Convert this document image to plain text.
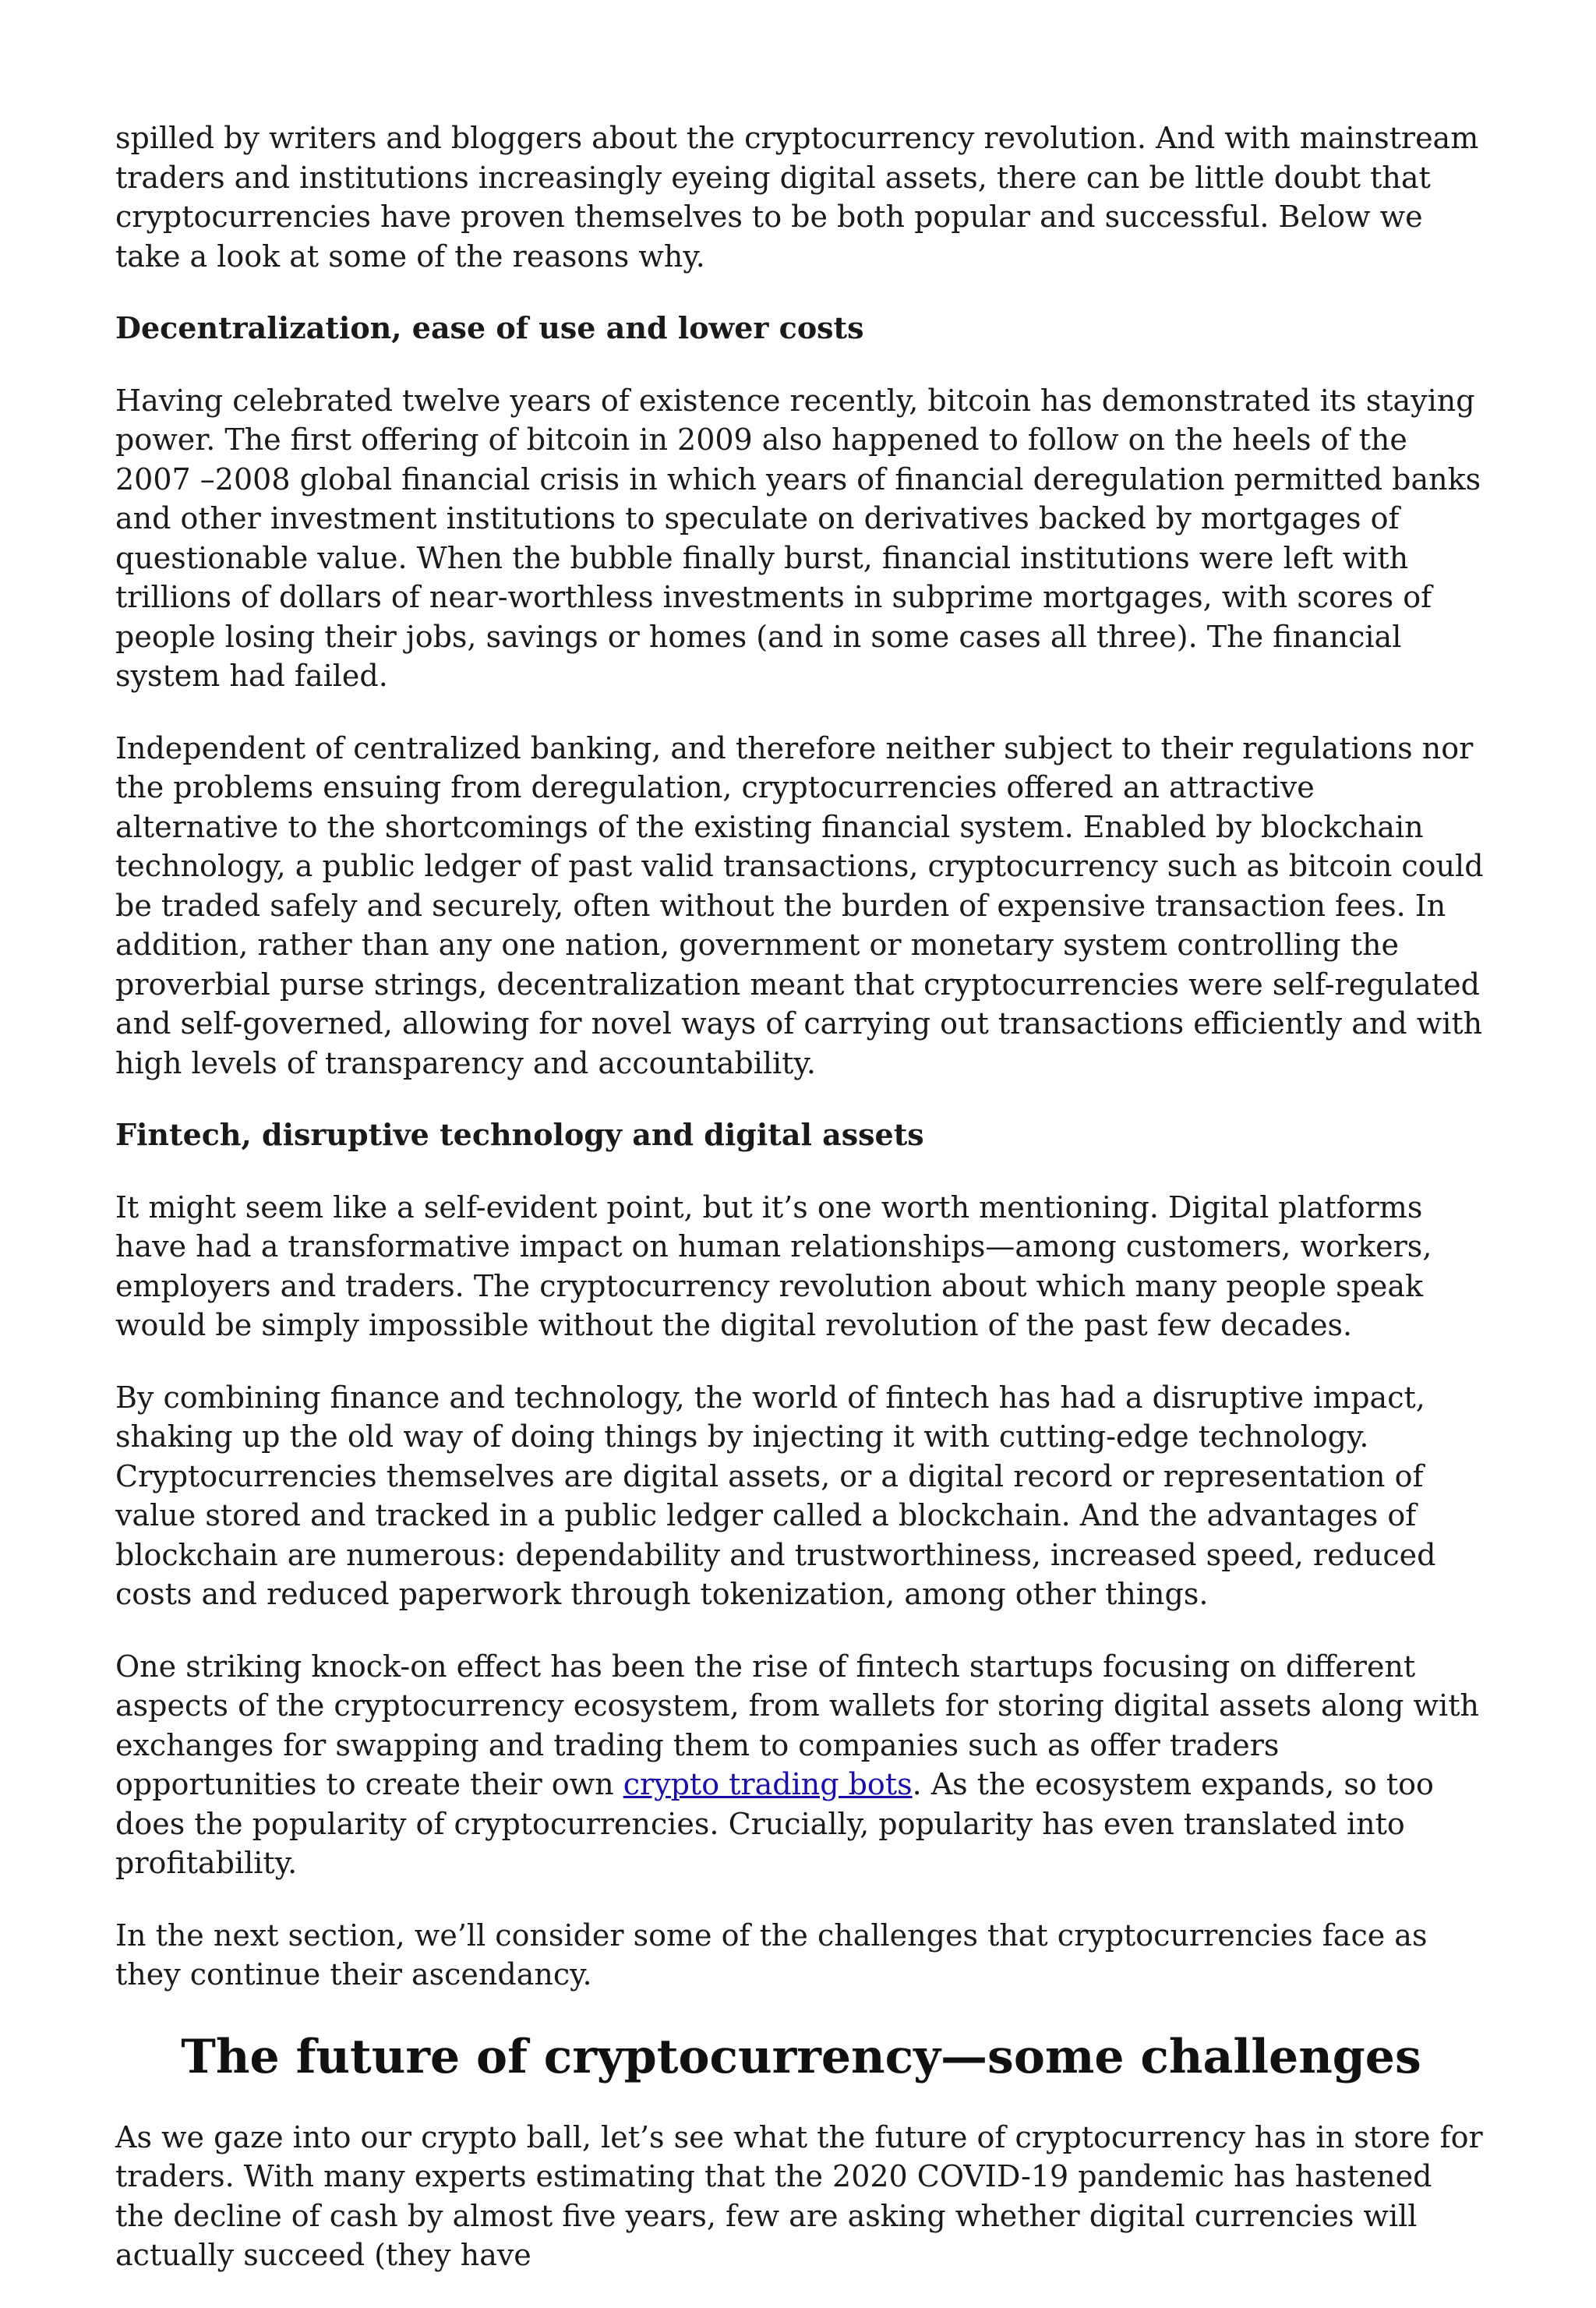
spilled by writers and bloggers about the cryptocurrency revolution. And with mainstream traders and institutions increasingly eyeing digital assets, there can be little doubt that cryptocurrencies have proven themselves to be both popular and successful. Below we take a look at some of the reasons why.

Decentralization, ease of use and lower costs

Having celebrated twelve years of existence recently, bitcoin has demonstrated its staying power. The first offering of bitcoin in 2009 also happened to follow on the heels of the 2007 –2008 global financial crisis in which years of financial deregulation permitted banks and other investment institutions to speculate on derivatives backed by mortgages of questionable value. When the bubble finally burst, financial institutions were left with trillions of dollars of near-worthless investments in subprime mortgages, with scores of people losing their jobs, savings or homes (and in some cases all three). The financial system had failed.

Independent of centralized banking, and therefore neither subject to their regulations nor the problems ensuing from deregulation, cryptocurrencies offered an attractive alternative to the shortcomings of the existing financial system. Enabled by blockchain technology, a public ledger of past valid transactions, cryptocurrency such as bitcoin could be traded safely and securely, often without the burden of expensive transaction fees. In addition, rather than any one nation, government or monetary system controlling the proverbial purse strings, decentralization meant that cryptocurrencies were self-regulated and self-governed, allowing for novel ways of carrying out transactions efficiently and with high levels of transparency and accountability.

Fintech, disruptive technology and digital assets

It might seem like a self-evident point, but it’s one worth mentioning. Digital platforms have had a transformative impact on human relationships—among customers, workers, employers and traders. The cryptocurrency revolution about which many people speak would be simply impossible without the digital revolution of the past few decades.

By combining finance and technology, the world of fintech has had a disruptive impact, shaking up the old way of doing things by injecting it with cutting-edge technology. Cryptocurrencies themselves are digital assets, or a digital record or representation of value stored and tracked in a public ledger called a blockchain. And the advantages of blockchain are numerous: dependability and trustworthiness, increased speed, reduced costs and reduced paperwork through tokenization, among other things.

One striking knock-on effect has been the rise of fintech startups focusing on different aspects of the cryptocurrency ecosystem, from wallets for storing digital assets along with exchanges for swapping and trading them to companies such as offer traders opportunities to create their own crypto trading bots. As the ecosystem expands, so too does the popularity of cryptocurrencies. Crucially, popularity has even translated into profitability.

In the next section, we’ll consider some of the challenges that cryptocurrencies face as they continue their ascendancy.

The future of cryptocurrency—some challenges

As we gaze into our crypto ball, let’s see what the future of cryptocurrency has in store for traders. With many experts estimating that the 2020 COVID-19 pandemic has hastened the decline of cash by almost five years, few are asking whether digital currencies will actually succeed (they have
